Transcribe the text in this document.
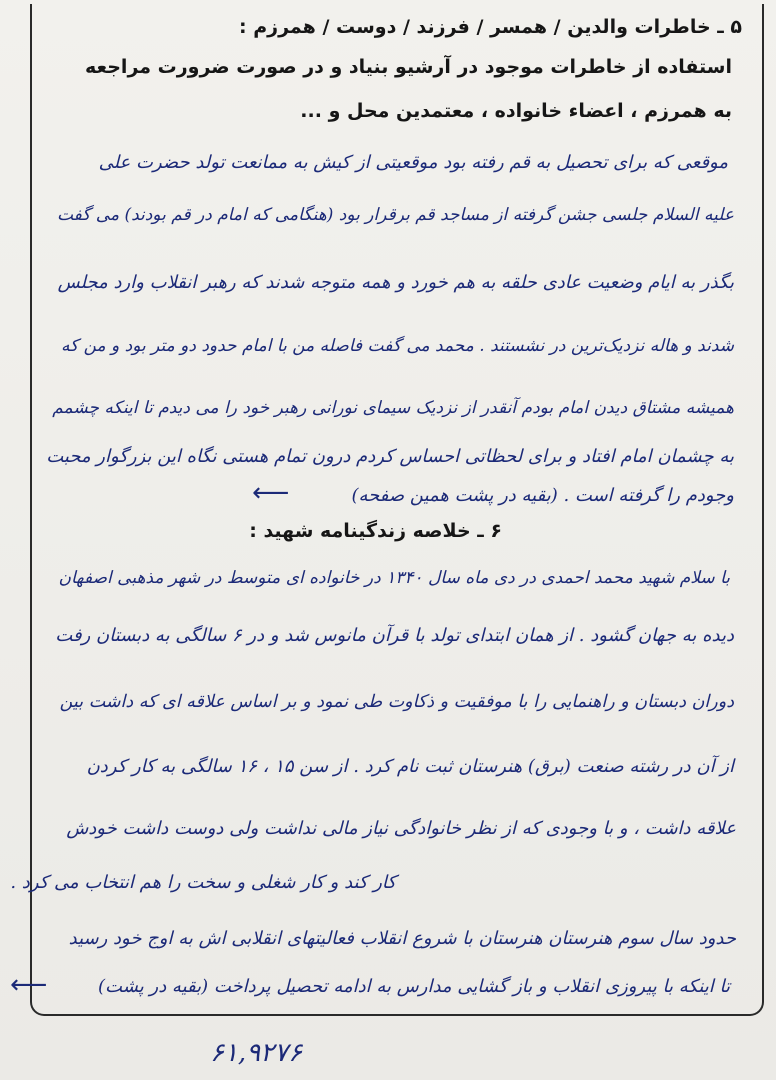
۵ ـ خاطرات والدین / همسر / فرزند / دوست / همرزم :
استفاده از خاطرات موجود در آرشیو بنیاد و در صورت ضرورت مراجعه
به همرزم ، اعضاء خانواده ، معتمدین محل و ...
موقعی که برای تحصیل به قم رفته بود موقعیتی از کیش به ممانعت تولد حضرت علی
علیه السلام جلسی جشن گرفته از مساجد قم برقرار بود (هنگامی که امام در قم بودند) می گفت
بگذر به ایام وضعیت عادی حلقه به هم خورد و همه متوجه شدند که رهبر انقلاب وارد مجلس
شدند و هاله نزدیک‌ترین در نشستند . محمد می گفت فاصله من با امام حدود دو متر بود و من که
همیشه مشتاق دیدن امام بودم آنقدر از نزدیک سیمای نورانی رهبر خود را می دیدم تا اینکه چشمم
به چشمان امام افتاد و برای لحظاتی احساس کردم درون تمام هستی نگاه این بزرگوار محبت
وجودم را گرفته است . (بقیه در پشت همین صفحه)
⟵
۶ ـ خلاصه زندگینامه شهید :
با سلام شهید محمد احمدی در دی ماه سال ۱۳۴۰ در خانواده ای متوسط در شهر مذهبی اصفهان
دیده به جهان گشود . از همان ابتدای تولد با قرآن مانوس شد و در ۶ سالگی به دبستان رفت
دوران دبستان و راهنمایی را با موفقیت و ذکاوت طی نمود و بر اساس علاقه ای که داشت بین
از آن در رشته صنعت (برق) هنرستان ثبت نام کرد . از سن ۱۵ ، ۱۶ سالگی به کار کردن
علاقه داشت ، و با وجودی که از نظر خانوادگی نیاز مالی نداشت ولی دوست داشت خودش
کار کند و کار شغلی و سخت را هم انتخاب می کرد .
حدود سال سوم هنرستان هنرستان با شروع انقلاب فعالیتهای انقلابی اش به اوج خود رسید
تا اینکه با پیروزی انقلاب و باز گشایی مدارس به ادامه تحصیل پرداخت (بقیه در پشت)
⟵
۶۱,۹۲۷۶
